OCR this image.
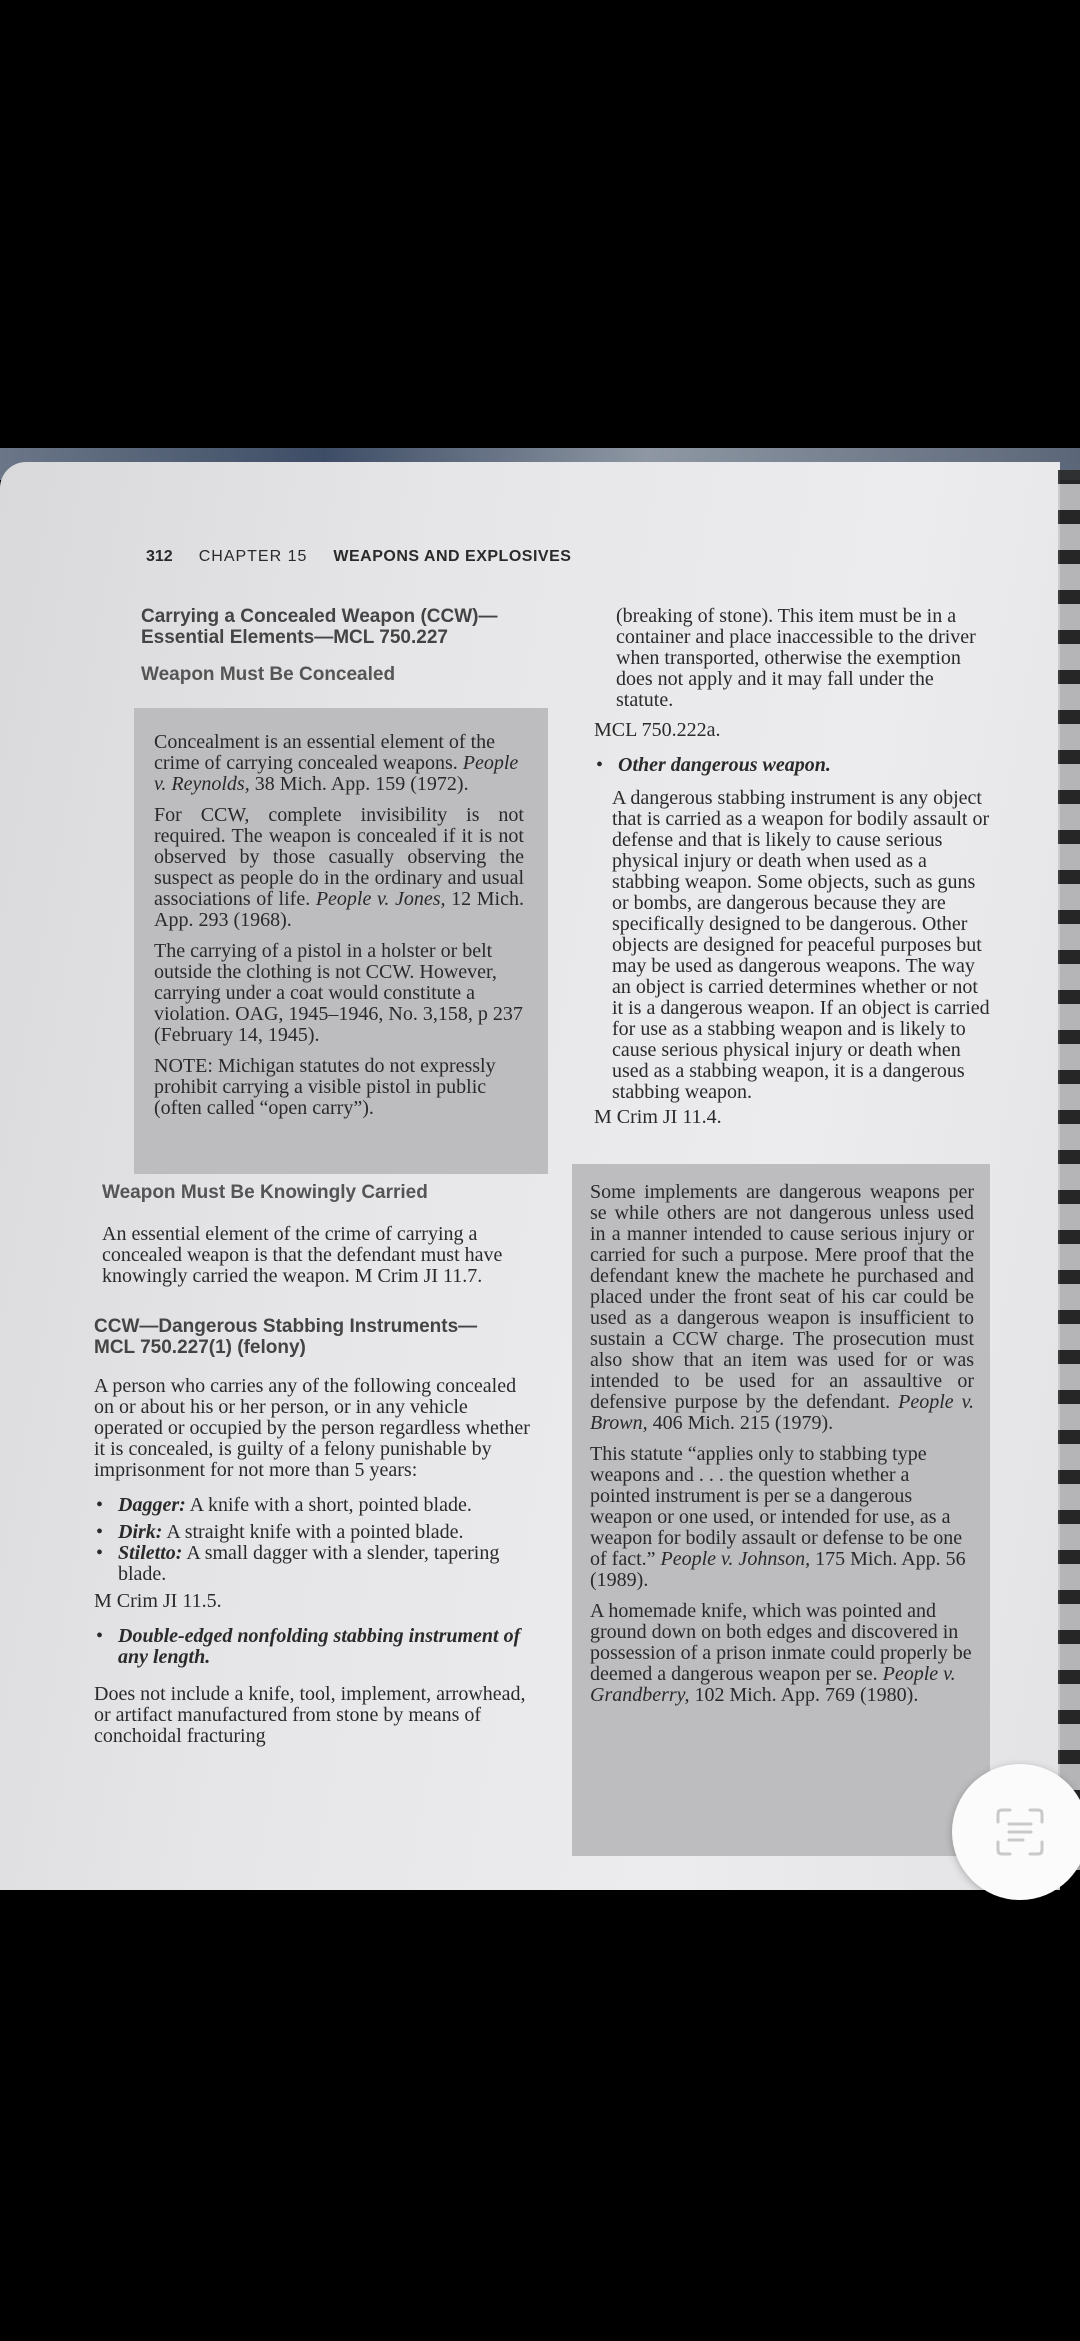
312 CHAPTER 15 WEAPONS AND EXPLOSIVES
Carrying a Concealed Weapon (CCW)—
Essential Elements—MCL 750.227
Weapon Must Be Concealed

Concealment is an essential element of the crime of carrying concealed weapons. People v. Reynolds, 38 Mich. App. 159 (1972).

For CCW, complete invisibility is not required. The weapon is concealed if it is not observed by those casually observing the suspect as people do in the ordinary and usual associations of life. People v. Jones, 12 Mich. App. 293 (1968).

The carrying of a pistol in a holster or belt outside the clothing is not CCW. However, carrying under a coat would constitute a violation. OAG, 1945–1946, No. 3,158, p 237 (February 14, 1945).

NOTE: Michigan statutes do not expressly prohibit carrying a visible pistol in public (often called “open carry”).

Weapon Must Be Knowingly Carried

An essential element of the crime of carrying a concealed weapon is that the defendant must have knowingly carried the weapon. M Crim JI 11.7.

CCW—Dangerous Stabbing Instruments—
MCL 750.227(1) (felony)

A person who carries any of the following concealed on or about his or her person, or in any vehicle operated or occupied by the person regardless whether it is concealed, is guilty of a felony punishable by imprisonment for not more than 5 years:

• Dagger: A knife with a short, pointed blade.
• Dirk: A straight knife with a pointed blade.
• Stiletto: A small dagger with a slender, tapering blade.

M Crim JI 11.5.

• Double-edged nonfolding stabbing instrument of any length.

Does not include a knife, tool, implement, arrowhead, or artifact manufactured from stone by means of conchoidal fracturing

(breaking of stone). This item must be in a container and place inaccessible to the driver when transported, otherwise the exemption does not apply and it may fall under the statute.

MCL 750.222a.

• Other dangerous weapon.

A dangerous stabbing instrument is any object that is carried as a weapon for bodily assault or defense and that is likely to cause serious physical injury or death when used as a stabbing weapon. Some objects, such as guns or bombs, are dangerous because they are specifically designed to be dangerous. Other objects are designed for peaceful purposes but may be used as dangerous weapons. The way an object is carried determines whether or not it is a dangerous weapon. If an object is carried for use as a stabbing weapon and is likely to cause serious physical injury or death when used as a stabbing weapon, it is a dangerous stabbing weapon.

M Crim JI 11.4.

Some implements are dangerous weapons per se while others are not dangerous unless used in a manner intended to cause serious injury or carried for such a purpose. Mere proof that the defendant knew the machete he purchased and placed under the front seat of his car could be used as a dangerous weapon is insufficient to sustain a CCW charge. The prosecution must also show that an item was used for or was intended to be used for an assaultive or defensive purpose by the defendant. People v. Brown, 406 Mich. 215 (1979).

This statute “applies only to stabbing type weapons and . . . the question whether a pointed instrument is per se a dangerous weapon or one used, or intended for use, as a weapon for bodily assault or defense to be one of fact.” People v. Johnson, 175 Mich. App. 56 (1989).

A homemade knife, which was pointed and ground down on both edges and discovered in possession of a prison inmate could properly be deemed a dangerous weapon per se. People v. Grandberry, 102 Mich. App. 769 (1980).
